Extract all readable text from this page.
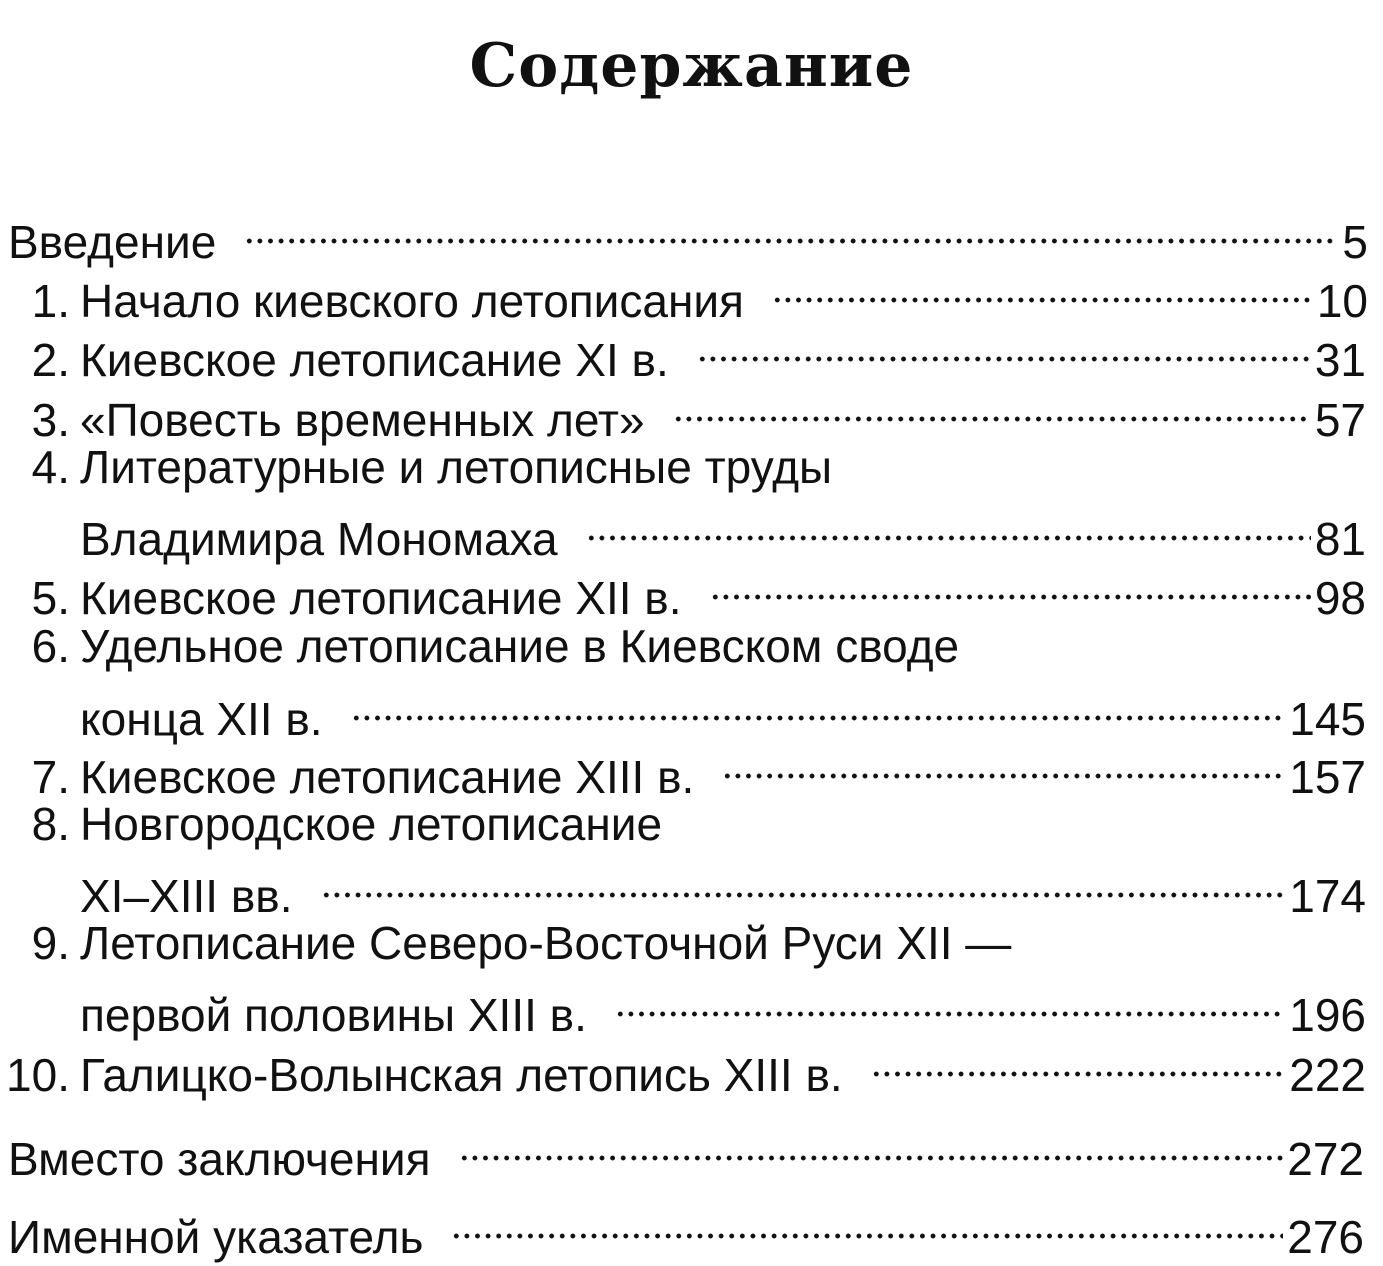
Содержание
Введение	5
1. Начало киевского летописания	10
2. Киевское летописание XI в.	31
3. «Повесть временных лет»	57
4. Литературные и летописные труды
Владимира Мономаха	81
5. Киевское летописание XII в.	98
6. Удельное летописание в Киевском своде
конца XII в.	145
7. Киевское летописание XIII в.	157
8. Новгородское летописание
XI–XIII вв.	174
9. Летописание Северо-Восточной Руси XII —
первой половины XIII в.	196
10. Галицко-Волынская летопись XIII в.	222
Вместо заключения	272
Именной указатель	276
